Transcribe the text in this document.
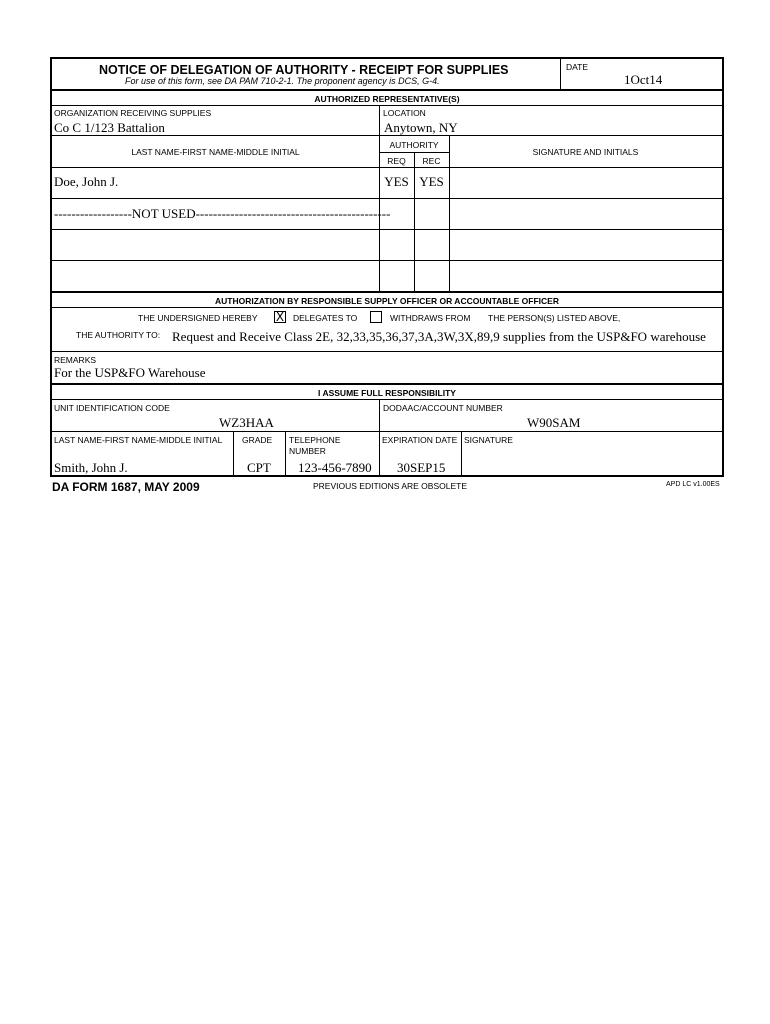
NOTICE OF DELEGATION OF AUTHORITY - RECEIPT FOR SUPPLIES
For use of this form, see DA PAM 710-2-1. The proponent agency is DCS, G-4.
DATE
1Oct14
AUTHORIZED REPRESENTATIVE(S)
ORGANIZATION RECEIVING SUPPLIES
Co C 1/123 Battalion
LOCATION
Anytown, NY
LAST NAME-FIRST NAME-MIDDLE INITIAL
AUTHORITY
REQ	REC
SIGNATURE AND INITIALS
Doe, John J.	YES YES
------------------NOT USED---------------------------------------------
AUTHORIZATION BY RESPONSIBLE SUPPLY OFFICER OR ACCOUNTABLE OFFICER
THE UNDERSIGNED HEREBY X DELEGATES TO	WITHDRAWS FROM THE PERSON(S) LISTED ABOVE,
THE AUTHORITY TO: Request and Receive Class 2E, 32,33,35,36,37,3A,3W,3X,89,9 supplies from the USP&FO warehouse
REMARKS
For the USP&FO Warehouse
I ASSUME FULL RESPONSIBILITY
UNIT IDENTIFICATION CODE
WZ3HAA
DODAAC/ACCOUNT NUMBER
W90SAM
LAST NAME-FIRST NAME-MIDDLE INITIAL
Smith, John J.
GRADE
CPT
TELEPHONE
NUMBER
123-456-7890
EXPIRATION DATE
30SEP15
SIGNATURE
DA FORM 1687, MAY 2009	PREVIOUS EDITIONS ARE OBSOLETE	APD LC v1.00ES
